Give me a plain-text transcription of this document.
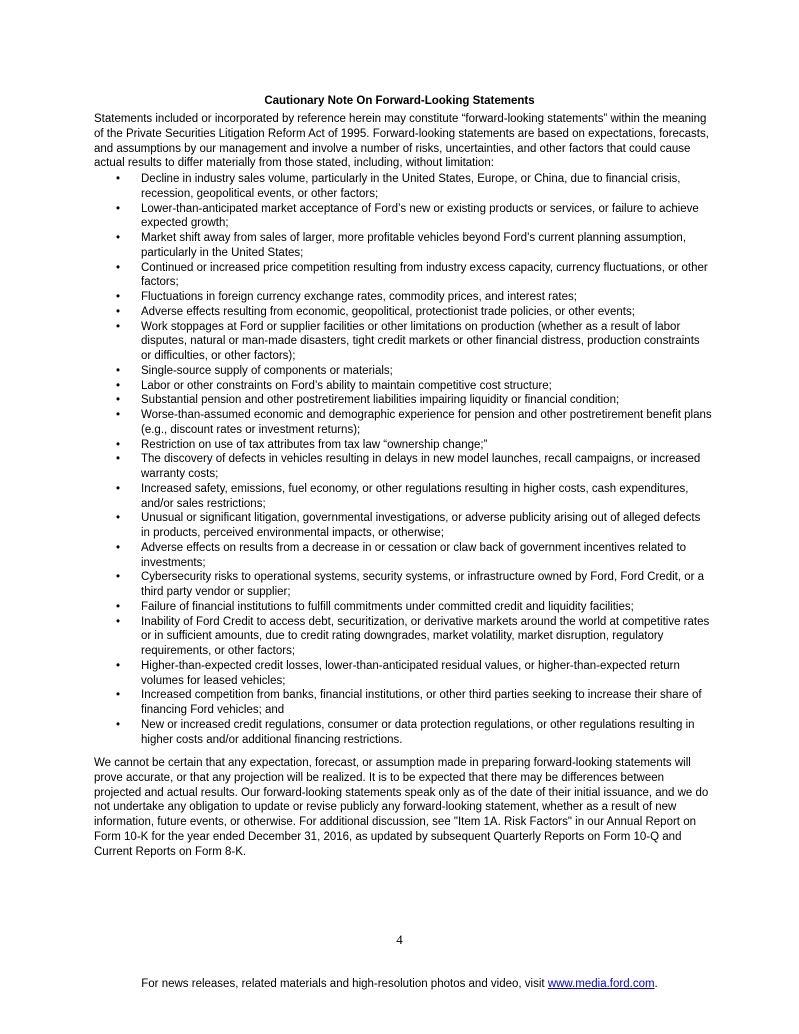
Cautionary Note On Forward-Looking Statements
Statements included or incorporated by reference herein may constitute “forward-looking statements” within the meaning of the Private Securities Litigation Reform Act of 1995. Forward-looking statements are based on expectations, forecasts, and assumptions by our management and involve a number of risks, uncertainties, and other factors that could cause actual results to differ materially from those stated, including, without limitation:
• Decline in industry sales volume, particularly in the United States, Europe, or China, due to financial crisis, recession, geopolitical events, or other factors;
• Lower-than-anticipated market acceptance of Ford’s new or existing products or services, or failure to achieve expected growth;
• Market shift away from sales of larger, more profitable vehicles beyond Ford’s current planning assumption, particularly in the United States;
• Continued or increased price competition resulting from industry excess capacity, currency fluctuations, or other factors;
• Fluctuations in foreign currency exchange rates, commodity prices, and interest rates;
• Adverse effects resulting from economic, geopolitical, protectionist trade policies, or other events;
• Work stoppages at Ford or supplier facilities or other limitations on production (whether as a result of labor disputes, natural or man-made disasters, tight credit markets or other financial distress, production constraints or difficulties, or other factors);
• Single-source supply of components or materials;
• Labor or other constraints on Ford’s ability to maintain competitive cost structure;
• Substantial pension and other postretirement liabilities impairing liquidity or financial condition;
• Worse-than-assumed economic and demographic experience for pension and other postretirement benefit plans (e.g., discount rates or investment returns);
• Restriction on use of tax attributes from tax law “ownership change;”
• The discovery of defects in vehicles resulting in delays in new model launches, recall campaigns, or increased warranty costs;
• Increased safety, emissions, fuel economy, or other regulations resulting in higher costs, cash expenditures, and/or sales restrictions;
• Unusual or significant litigation, governmental investigations, or adverse publicity arising out of alleged defects in products, perceived environmental impacts, or otherwise;
• Adverse effects on results from a decrease in or cessation or claw back of government incentives related to investments;
• Cybersecurity risks to operational systems, security systems, or infrastructure owned by Ford, Ford Credit, or a third party vendor or supplier;
• Failure of financial institutions to fulfill commitments under committed credit and liquidity facilities;
• Inability of Ford Credit to access debt, securitization, or derivative markets around the world at competitive rates or in sufficient amounts, due to credit rating downgrades, market volatility, market disruption, regulatory requirements, or other factors;
• Higher-than-expected credit losses, lower-than-anticipated residual values, or higher-than-expected return volumes for leased vehicles;
• Increased competition from banks, financial institutions, or other third parties seeking to increase their share of financing Ford vehicles; and
• New or increased credit regulations, consumer or data protection regulations, or other regulations resulting in higher costs and/or additional financing restrictions.
We cannot be certain that any expectation, forecast, or assumption made in preparing forward-looking statements will prove accurate, or that any projection will be realized. It is to be expected that there may be differences between projected and actual results. Our forward-looking statements speak only as of the date of their initial issuance, and we do not undertake any obligation to update or revise publicly any forward-looking statement, whether as a result of new information, future events, or otherwise. For additional discussion, see "Item 1A. Risk Factors" in our Annual Report on Form 10-K for the year ended December 31, 2016, as updated by subsequent Quarterly Reports on Form 10-Q and Current Reports on Form 8-K.
4
For news releases, related materials and high-resolution photos and video, visit www.media.ford.com.
